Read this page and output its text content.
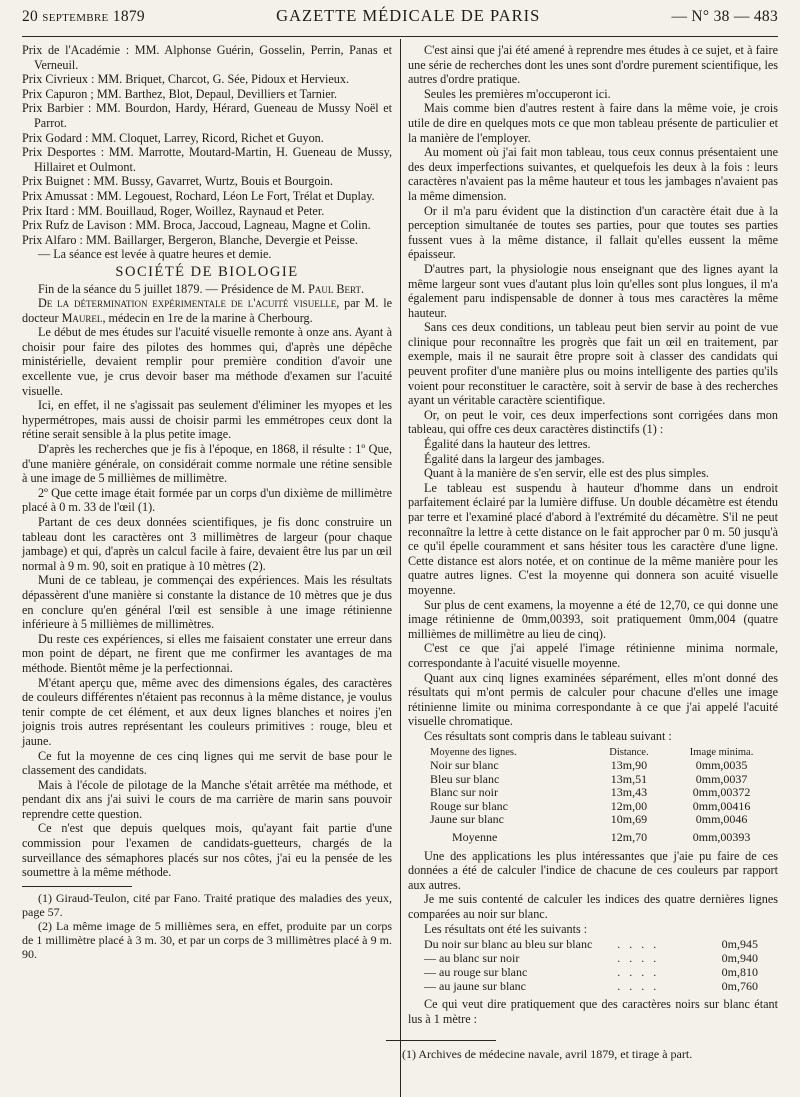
20 septembre 1879	GAZETTE MÉDICALE DE PARIS	— N° 38 — 483

Prix de l'Académie : MM. Alphonse Guérin, Gosselin, Perrin, Panas et Verneuil.

Prix Civrieux : MM. Briquet, Charcot, G. Sée, Pidoux et Hervieux.

Prix Capuron ; MM. Barthez, Blot, Depaul, Devilliers et Tarnier.

Prix Barbier : MM. Bourdon, Hardy, Hérard, Gueneau de Mussy Noël et Parrot.

Prix Godard : MM. Cloquet, Larrey, Ricord, Richet et Guyon.

Prix Desportes : MM. Marrotte, Moutard-Martin, H. Gueneau de Mussy, Hillairet et Oulmont.

Prix Buignet : MM. Bussy, Gavarret, Wurtz, Bouis et Bourgoin.

Prix Amussat : MM. Legouest, Rochard, Léon Le Fort, Trélat et Duplay.

Prix Itard : MM. Bouillaud, Roger, Woillez, Raynaud et Peter.

Prix Rufz de Lavison : MM. Broca, Jaccoud, Lagneau, Magne et Colin.

Prix Alfaro : MM. Baillarger, Bergeron, Blanche, Devergie et Peisse.

— La séance est levée à quatre heures et demie.

SOCIÉTÉ DE BIOLOGIE

Fin de la séance du 5 juillet 1879. — Présidence de M. Paul Bert.

De la détermination expérimentale de l'acuité visuelle, par M. le docteur Maurel, médecin en 1re de la marine à Cherbourg.

Le début de mes études sur l'acuité visuelle remonte à onze ans. Ayant à choisir pour faire des pilotes des hommes qui, d'après une dépêche ministérielle, devaient remplir pour première condition d'avoir une excellente vue, je crus devoir baser ma méthode d'examen sur l'acuité visuelle.

Ici, en effet, il ne s'agissait pas seulement d'éliminer les myopes et les hypermétropes, mais aussi de choisir parmi les emmétropes ceux dont la rétine serait sensible à la plus petite image.

D'après les recherches que je fis à l'époque, en 1868, il résulte : 1º Que, d'une manière générale, on considérait comme normale une rétine sensible à une image de 5 millièmes de millimètre.

2º Que cette image était formée par un corps d'un dixième de millimètre placé à 0 m. 33 de l'œil (1).

Partant de ces deux données scientifiques, je fis donc construire un tableau dont les caractères ont 3 millimètres de largeur (pour chaque jambage) et qui, d'après un calcul facile à faire, devaient être lus par un œil normal à 9 m. 90, soit en pratique à 10 mètres (2).

Muni de ce tableau, je commençai des expériences. Mais les résultats dépassèrent d'une manière si constante la distance de 10 mètres que je dus en conclure qu'en général l'œil est sensible à une image rétinienne inférieure à 5 millièmes de millimètres.

Du reste ces expériences, si elles me faisaient constater une erreur dans mon point de départ, ne firent que me confirmer les avantages de ma méthode. Bientôt même je la perfectionnai.

M'étant aperçu que, même avec des dimensions égales, des caractères de couleurs différentes n'étaient pas reconnus à la même distance, je voulus tenir compte de cet élément, et aux deux lignes blanches et noires j'en joignis trois autres représentant les couleurs primitives : rouge, bleu et jaune.

Ce fut la moyenne de ces cinq lignes qui me servit de base pour le classement des candidats.

Mais à l'école de pilotage de la Manche s'était arrêtée ma méthode, et pendant dix ans j'ai suivi le cours de ma carrière de marin sans pouvoir reprendre cette question.

Ce n'est que depuis quelques mois, qu'ayant fait partie d'une commission pour l'examen de candidats-guetteurs, chargés de la surveillance des sémaphores placés sur nos côtes, j'ai eu la pensée de les soumettre à la même méthode.

(1) Giraud-Teulon, cité par Fano. Traité pratique des maladies des yeux, page 57.

(2) La même image de 5 millièmes sera, en effet, produite par un corps de 1 millimètre placé à 3 m. 30, et par un corps de 3 millimètres placé à 9 m. 90.

C'est ainsi que j'ai été amené à reprendre mes études à ce sujet, et à faire une série de recherches dont les unes sont d'ordre purement scientifique, les autres d'ordre pratique.

Seules les premières m'occuperont ici.

Mais comme bien d'autres restent à faire dans la même voie, je crois utile de dire en quelques mots ce que mon tableau présente de particulier et la manière de l'employer.

Au moment où j'ai fait mon tableau, tous ceux connus présentaient une des deux imperfections suivantes, et quelquefois les deux à la fois : leurs caractères n'avaient pas la même hauteur et tous les jambages n'avaient pas la même dimension.

Or il m'a paru évident que la distinction d'un caractère était due à la perception simultanée de toutes ses parties, pour que toutes ses parties fussent vues à la même distance, il fallait qu'elles eussent la même épaisseur.

D'autres part, la physiologie nous enseignant que des lignes ayant la même largeur sont vues d'autant plus loin qu'elles sont plus longues, il m'a également paru indispensable de donner à tous mes caractères la même hauteur.

Sans ces deux conditions, un tableau peut bien servir au point de vue clinique pour reconnaître les progrès que fait un œil en traitement, par exemple, mais il ne saurait être propre soit à classer des candidats qui peuvent profiter d'une manière plus ou moins intelligente des parties qu'ils voient pour reconstituer le caractère, soit à servir de base à des recherches ayant un véritable caractère scientifique.

Or, on peut le voir, ces deux imperfections sont corrigées dans mon tableau, qui offre ces deux caractères distinctifs (1) :

Égalité dans la hauteur des lettres.

Égalité dans la largeur des jambages.

Quant à la manière de s'en servir, elle est des plus simples.

Le tableau est suspendu à hauteur d'homme dans un endroit parfaitement éclairé par la lumière diffuse. Un double décamètre est étendu par terre et l'examiné placé d'abord à l'extrémité du décamètre. S'il ne peut reconnaître la lettre à cette distance on le fait approcher par 0 m. 50 jusqu'à ce qu'il épelle couramment et sans hésiter tous les caractère d'une ligne. Cette distance est alors notée, et on continue de la même manière pour les quatre autres lignes. C'est la moyenne qui donnera son acuité visuelle moyenne.

Sur plus de cent examens, la moyenne a été de 12,70, ce qui donne une image rétinienne de 0mm,00393, soit pratiquement 0mm,004 (quatre millièmes de millimètre au lieu de cinq).

C'est ce que j'ai appelé l'image rétinienne minima normale, correspondante à l'acuité visuelle moyenne.

Quant aux cinq lignes examinées séparément, elles m'ont donné des résultats qui m'ont permis de calculer pour chacune d'elles une image rétinienne limite ou minima correspondante à ce que j'ai appelé l'acuité visuelle chromatique.

Ces résultats sont compris dans le tableau suivant :

Moyenne des lignes.	Distance.	Image minima.
Noir sur blanc	13m,90	0mm,0035
Bleu sur blanc	13m,51	0mm,0037
Blanc sur noir	13m,43	0mm,00372
Rouge sur blanc	12m,00	0mm,00416
Jaune sur blanc	10m,69	0mm,0046
Moyenne	12m,70	0mm,00393

Une des applications les plus intéressantes que j'aie pu faire de ces données a été de calculer l'indice de chacune de ces couleurs par rapport aux autres.

Je me suis contenté de calculer les indices des quatre dernières lignes comparées au noir sur blanc.

Les résultats ont été les suivants :

Du noir sur blanc au bleu sur blanc	. . . .	0m,945
— au blanc sur noir	. . . .	0m,940
— au rouge sur blanc	. . . .	0m,810
— au jaune sur blanc	. . . .	0m,760

Ce qui veut dire pratiquement que des caractères noirs sur blanc étant lus à 1 mètre :

(1) Archives de médecine navale, avril 1879, et tirage à part.
